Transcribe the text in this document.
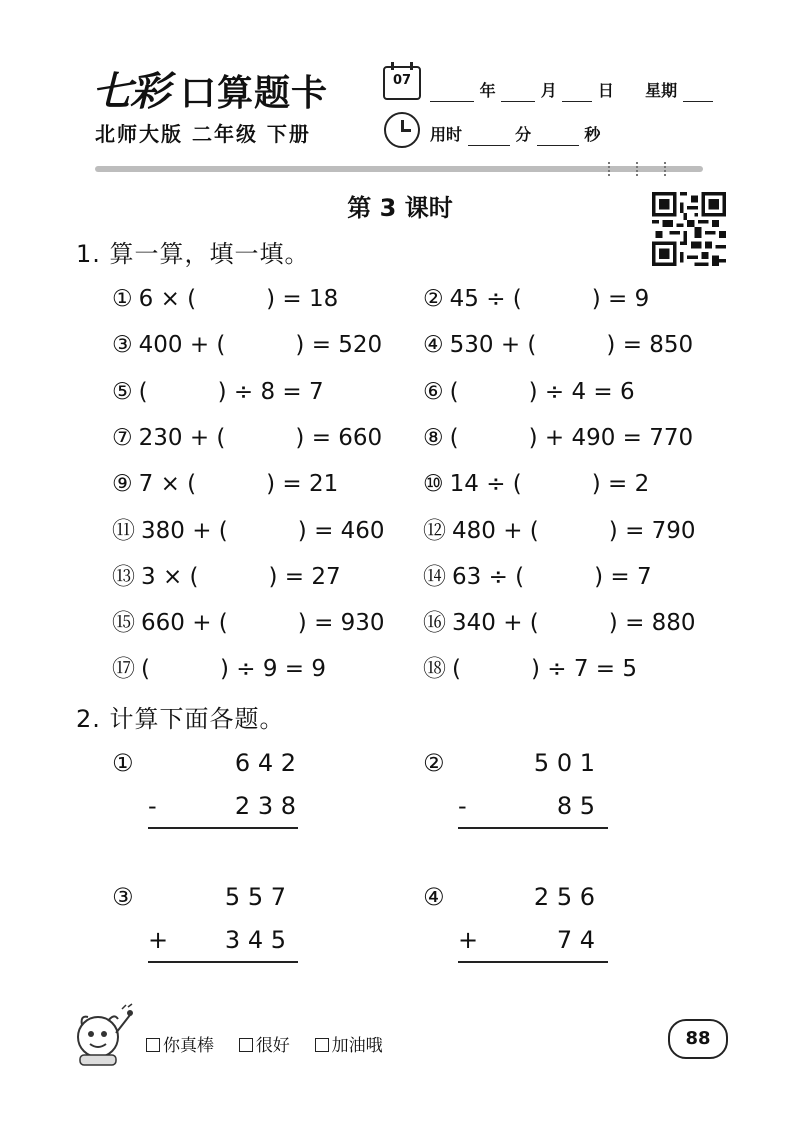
七彩 口算题卡
北师大版 二年级 下册
07
年	月	日 星期
用时	分	秒
第 3 课时
1. 算一算，填一填。
① 6 × (	) = 18	② 45 ÷ (	) = 9
③ 400 + (	) = 520 ④ 530 + (	) = 850
⑤ (	) ÷ 8 = 7	⑥ (	) ÷ 4 = 6
⑦ 230 + (	) = 660 ⑧ (	) + 490 = 770
⑨ 7 × (	) = 21	⑩ 14 ÷ (	) = 2
⑪ 380 + (	) = 460 ⑫ 480 + (	) = 790
⑬ 3 × (	) = 27	⑭ 63 ÷ (	) = 7
⑮ 660 + (	) = 930 ⑯ 340 + (	) = 880
⑰ (	) ÷ 9 = 9	⑱ (	) ÷ 7 = 5
2. 计算下面各题。
①	6 4 2
-	2 3 8
②	5 0 1
-	8 5
③	5 5 7
+	3 4 5
④	2 5 6
+	7 4
你真棒 很好 加油哦	88
